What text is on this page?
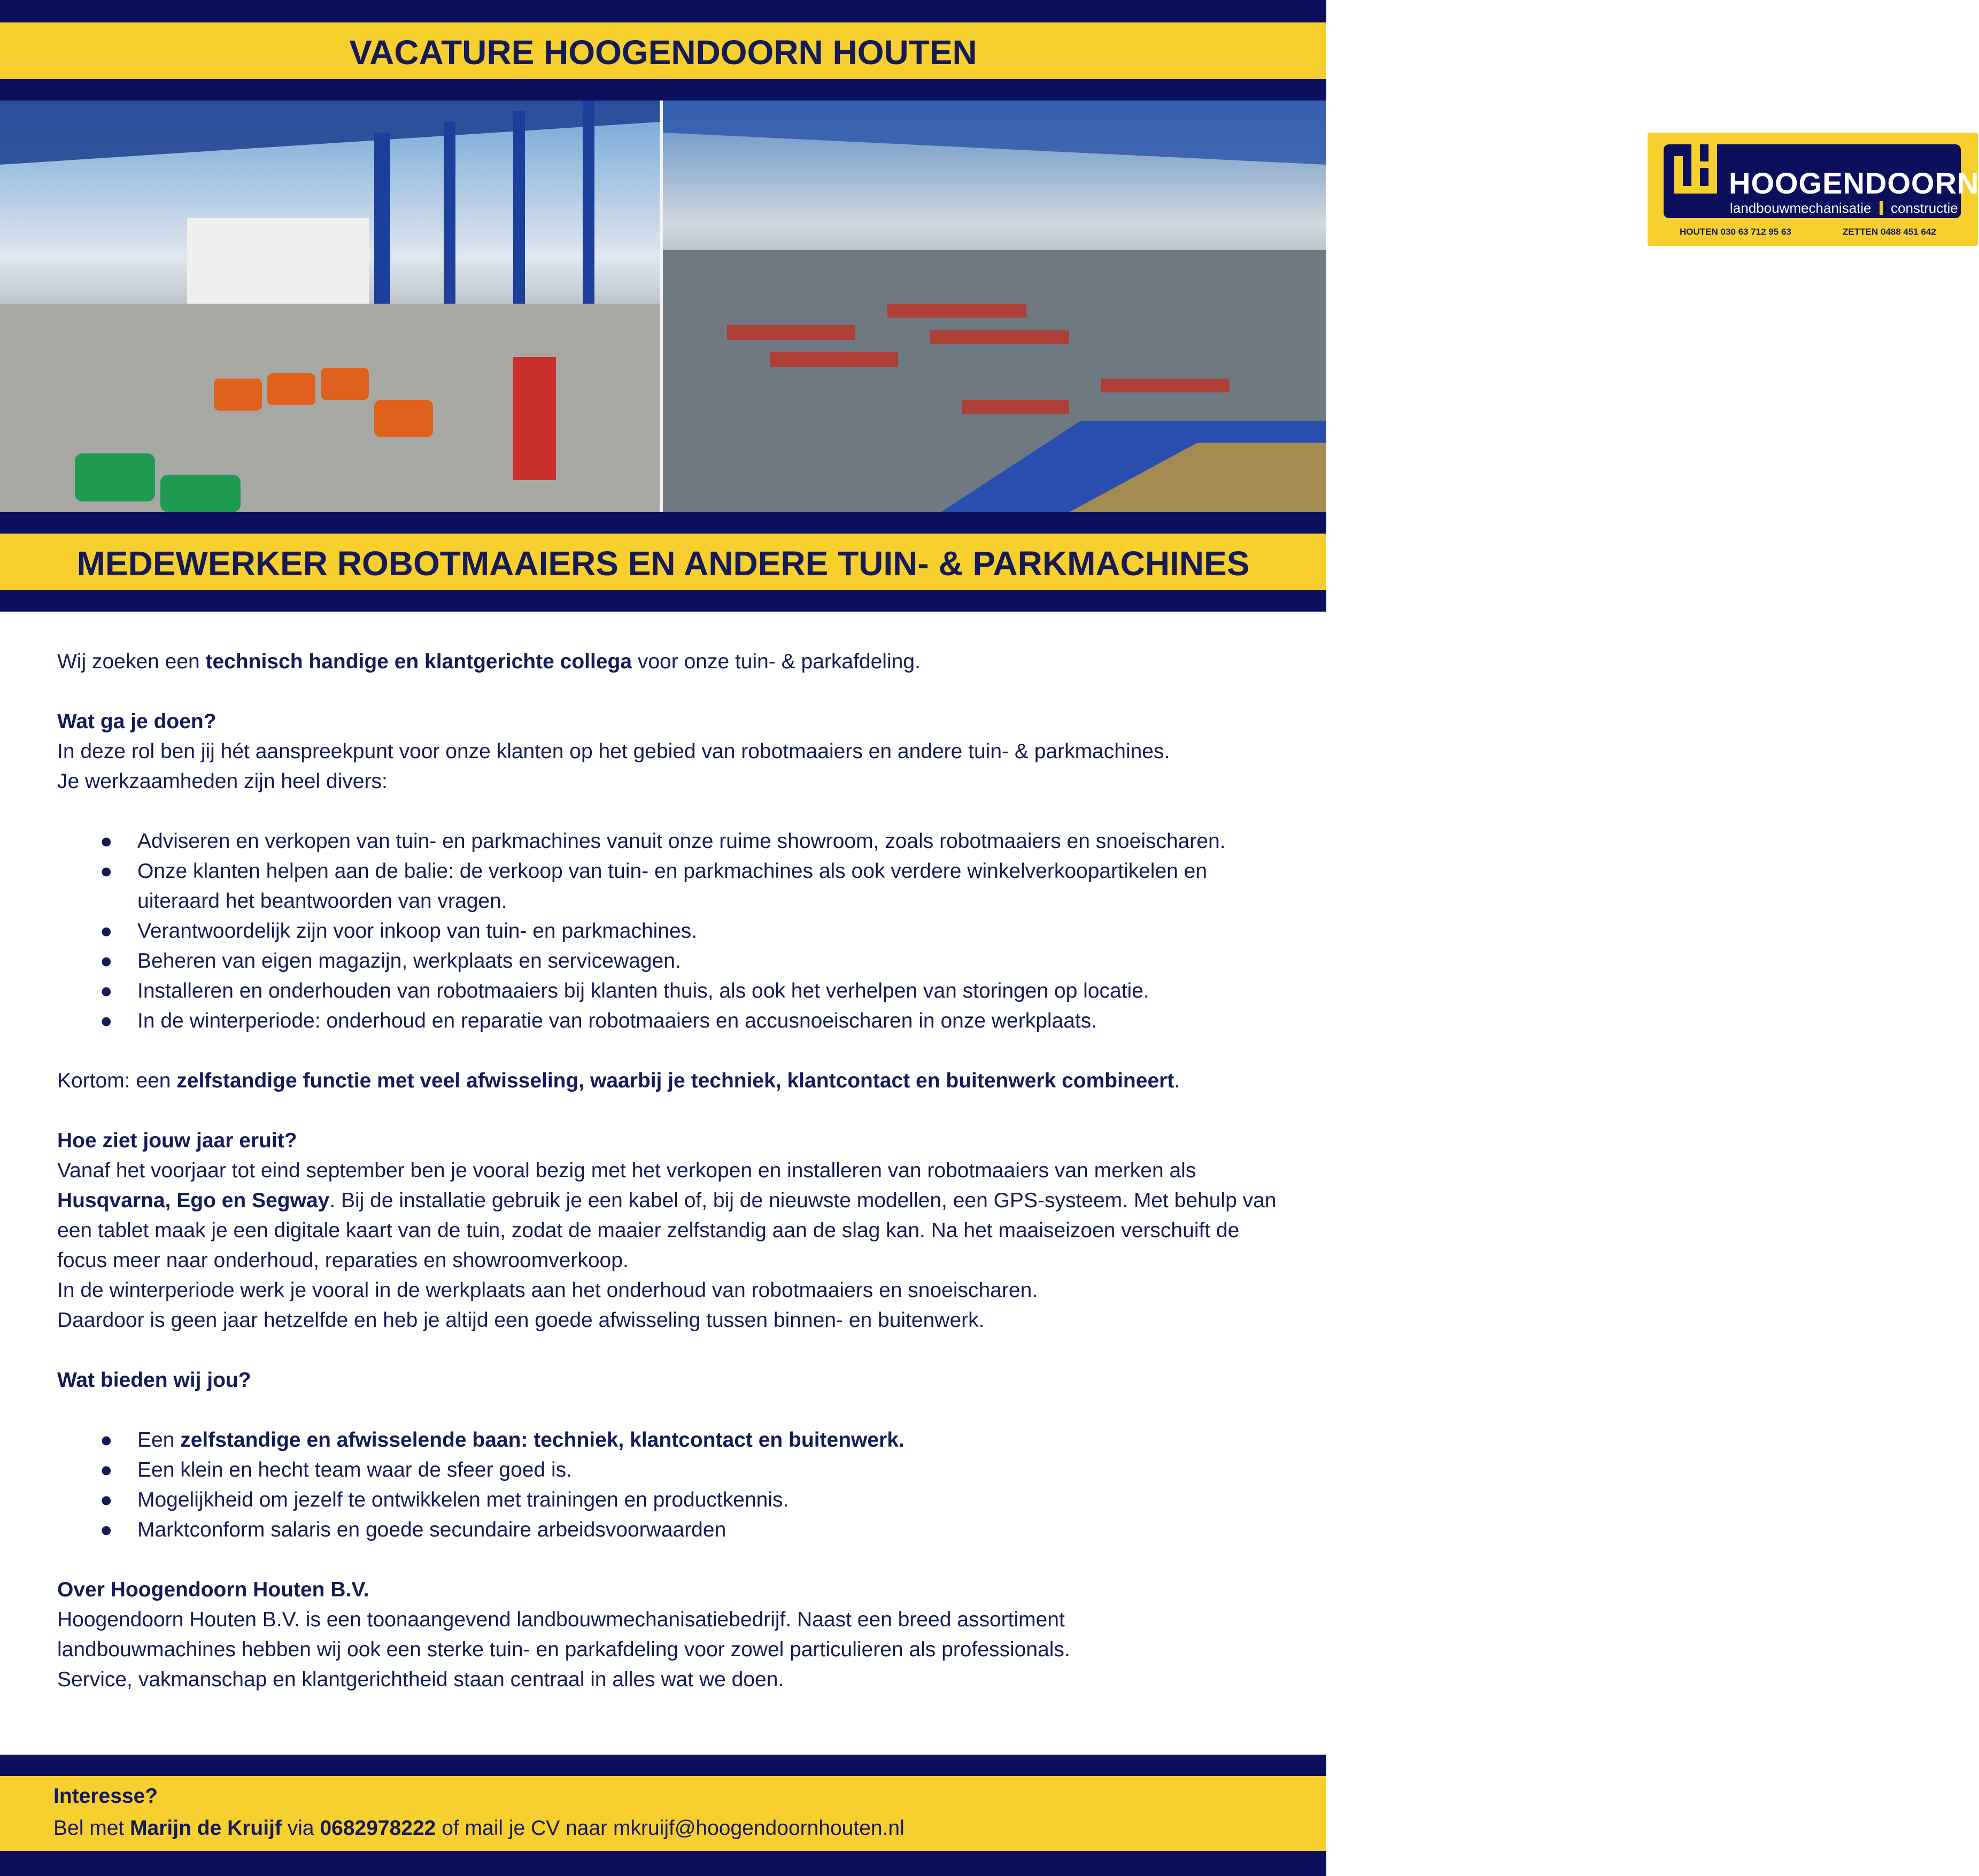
VACATURE HOOGENDOORN HOUTEN
HOOGENDOORN
landbouwmechanisatie constructie
HOUTEN 030 63 712 95 63	ZETTEN 0488 451 642
MEDEWERKER ROBOTMAAIERS EN ANDERE TUIN- & PARKMACHINES

Wij zoeken een technisch handige en klantgerichte collega voor onze tuin- & parkafdeling.

Wat ga je doen?

In deze rol ben jij hét aanspreekpunt voor onze klanten op het gebied van robotmaaiers en andere tuin- & parkmachines.

Je werkzaamheden zijn heel divers:

● Adviseren en verkopen van tuin- en parkmachines vanuit onze ruime showroom, zoals robotmaaiers en snoeischaren.
● Onze klanten helpen aan de balie: de verkoop van tuin- en parkmachines als ook verdere winkelverkoopartikelen en uiteraard het beantwoorden van vragen.
● Verantwoordelijk zijn voor inkoop van tuin- en parkmachines.
● Beheren van eigen magazijn, werkplaats en servicewagen.
● Installeren en onderhouden van robotmaaiers bij klanten thuis, als ook het verhelpen van storingen op locatie.
● In de winterperiode: onderhoud en reparatie van robotmaaiers en accusnoeischaren in onze werkplaats.

Kortom: een zelfstandige functie met veel afwisseling, waarbij je techniek, klantcontact en buitenwerk combineert.

Hoe ziet jouw jaar eruit?

Vanaf het voorjaar tot eind september ben je vooral bezig met het verkopen en installeren van robotmaaiers van merken als Husqvarna, Ego en Segway. Bij de installatie gebruik je een kabel of, bij de nieuwste modellen, een GPS-systeem. Met behulp van een tablet maak je een digitale kaart van de tuin, zodat de maaier zelfstandig aan de slag kan. Na het maaiseizoen verschuift de focus meer naar onderhoud, reparaties en showroomverkoop.

In de winterperiode werk je vooral in de werkplaats aan het onderhoud van robotmaaiers en snoeischaren.

Daardoor is geen jaar hetzelfde en heb je altijd een goede afwisseling tussen binnen- en buitenwerk.

Wat bieden wij jou?

● Een zelfstandige en afwisselende baan: techniek, klantcontact en buitenwerk.
● Een klein en hecht team waar de sfeer goed is.
● Mogelijkheid om jezelf te ontwikkelen met trainingen en productkennis.
● Marktconform salaris en goede secundaire arbeidsvoorwaarden

Over Hoogendoorn Houten B.V.

Hoogendoorn Houten B.V. is een toonaangevend landbouwmechanisatiebedrijf. Naast een breed assortiment

landbouwmachines hebben wij ook een sterke tuin- en parkafdeling voor zowel particulieren als professionals.

Service, vakmanschap en klantgerichtheid staan centraal in alles wat we doen.

Interesse?
Bel met Marijn de Kruijf via 0682978222 of mail je CV naar mkruijf@hoogendoornhouten.nl
